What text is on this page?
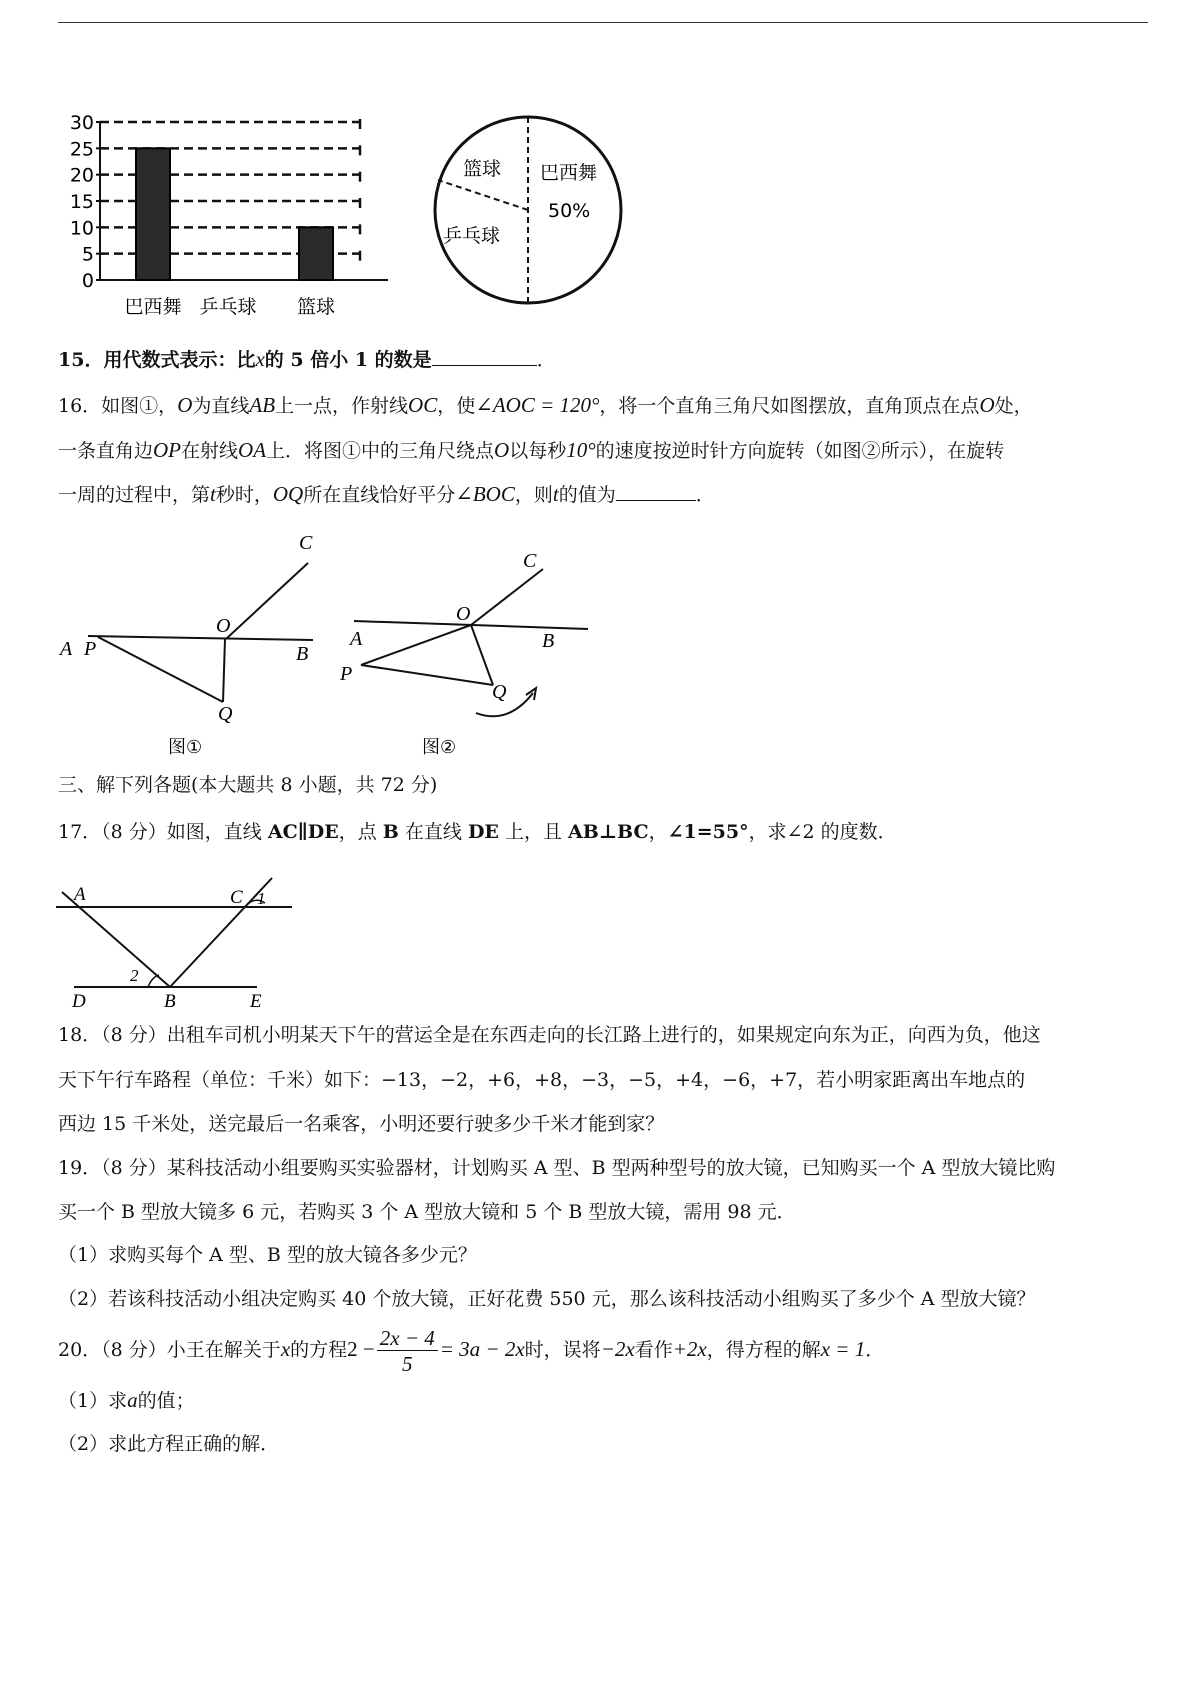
30
25
20
15
10
5
0
巴西舞 乒乓球 篮球
篮球 巴西舞
50%
乒乓球
15．用代数式表示：比x的 5 倍小 1 的数是	．
16．如图①，O为直线AB上一点，作射线OC，使∠AOC = 120°，将一个直角三角尺如图摆放，直角顶点在点O处，
一条直角边OP在射线OA上．将图①中的三角尺绕点O以每秒10°的速度按逆时针方向旋转（如图②所示），在旋转
一周的过程中，第t秒时，OQ所在直线恰好平分∠BOC，则t的值为	．
C
O
A P	B
Q
图①
C
O
A	B
P
Q
图②
三、解下列各题(本大题共 8 小题，共 72 分)
17．（8 分）如图，直线 AC∥DE，点 B 在直线 DE 上，且 AB⊥BC，∠1=55°，求∠2 的度数．
A	C 1
2
D	B	E
18．（8 分）出租车司机小明某天下午的营运全是在东西走向的长江路上进行的，如果规定向东为正，向西为负，他这
天下午行车路程（单位：千米）如下：−13，−2，+6，+8，−3，−5，+4，−6，+7，若小明家距离出车地点的
西边 15 千米处，送完最后一名乘客，小明还要行驶多少千米才能到家？
19．（8 分）某科技活动小组要购买实验器材，计划购买 A 型、B 型两种型号的放大镜，已知购买一个 A 型放大镜比购
买一个 B 型放大镜多 6 元，若购买 3 个 A 型放大镜和 5 个 B 型放大镜，需用 98 元．
（1）求购买每个 A 型、B 型的放大镜各多少元？
（2）若该科技活动小组决定购买 40 个放大镜，正好花费 550 元，那么该科技活动小组购买了多少个 A 型放大镜？
20．（8 分）小王在解关于x的方程$2 - \frac{2x - 4}{5} = 3a - 2x$时，误将−2x看作+2x，得方程的解x = 1．
（1）求a的值；
（2）求此方程正确的解．
